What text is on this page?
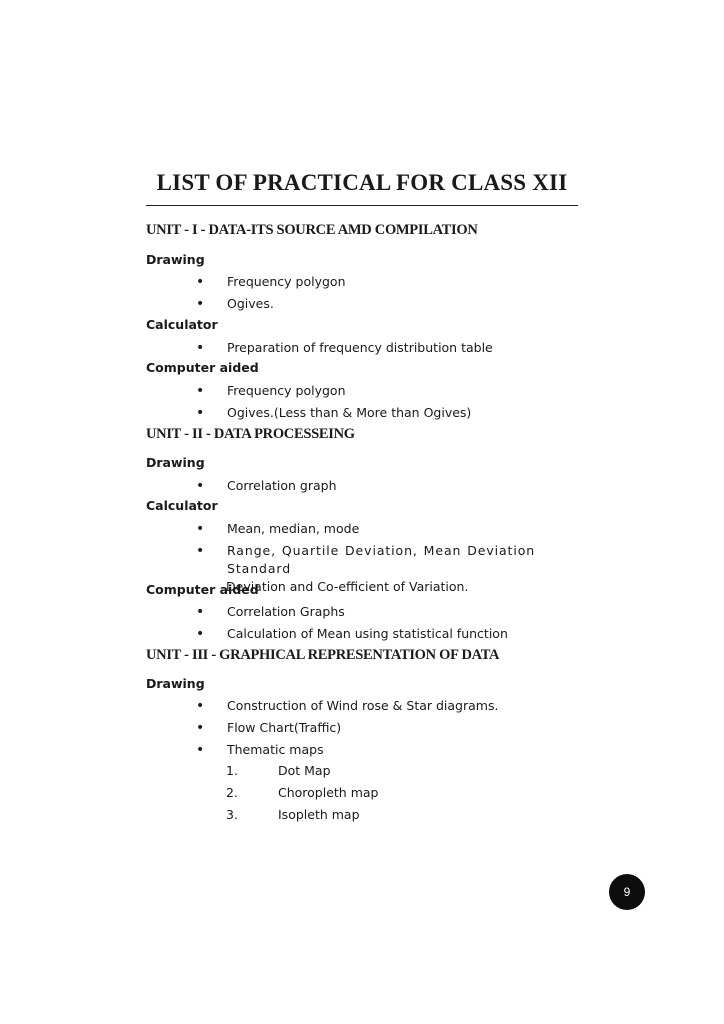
LIST OF PRACTICAL FOR CLASS XII
UNIT - I - DATA-ITS SOURCE AMD COMPILATION
Drawing
• Frequency polygon
• Ogives.
Calculator
• Preparation of frequency distribution table
Computer aided
• Frequency polygon
• Ogives.(Less than & More than Ogives)
UNIT - II - DATA PROCESSEING
Drawing
• Correlation graph
Calculator
• Mean, median, mode
• Range, Quartile Deviation, Mean Deviation Standard
Deviation and Co-efficient of Variation.
Computer aided
• Correlation Graphs
• Calculation of Mean using statistical function
UNIT - III - GRAPHICAL REPRESENTATION OF DATA
Drawing
• Construction of Wind rose & Star diagrams.
• Flow Chart(Traffic)
• Thematic maps
1.	Dot Map
2.	Choropleth map
3.	Isopleth map
9
